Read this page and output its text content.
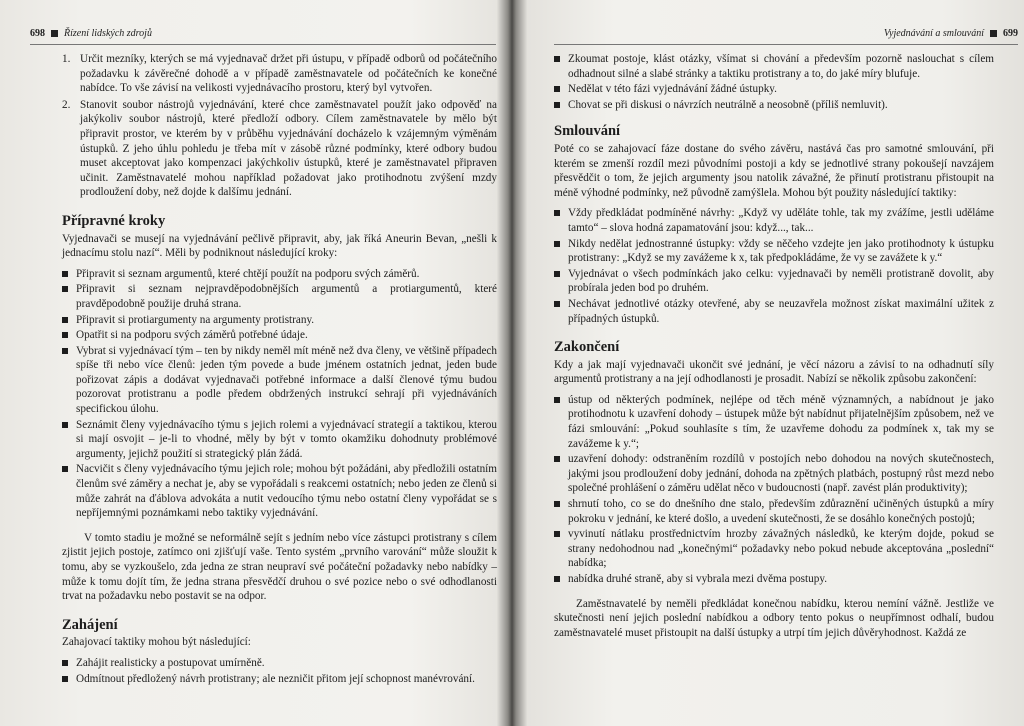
698 Řízení lidských zdrojů
1. Určit mezníky, kterých se má vyjednavač držet při ústupu, v případě odborů od počátečního požadavku k závěrečné dohodě a v případě zaměstnavatele od počátečních ke konečné nabídce. To vše závisí na velikosti vyjednávacího prostoru, který byl vytvořen.
2. Stanovit soubor nástrojů vyjednávání, které chce zaměstnavatel použít jako odpověď na jakýkoliv soubor nástrojů, které předloží odbory. Cílem zaměstnavatele by mělo být připravit prostor, ve kterém by v průběhu vyjednávání docházelo k vzájemným výměnám ústupků. Z jeho úhlu pohledu je třeba mít v zásobě různé podmínky, které odbory budou muset akceptovat jako kompenzaci jakýchkoliv ústupků, které je zaměstnavatel připraven učinit. Zaměstnavatelé mohou například požadovat jako protihodnotu zvýšení mzdy prodloužení doby, než dojde k dalšímu jednání.
Přípravné kroky

Vyjednavači se musejí na vyjednávání pečlivě připravit, aby, jak říká Aneurin Bevan, „nešli k jednacímu stolu nazí“. Měli by podniknout následující kroky:

Připravit si seznam argumentů, které chtějí použít na podporu svých záměrů.
Připravit si seznam nejpravděpodobnějších argumentů a protiargumentů, které pravděpodobně použije druhá strana.
Připravit si protiargumenty na argumenty protistrany.
Opatřit si na podporu svých záměrů potřebné údaje.
Vybrat si vyjednávací tým – ten by nikdy neměl mít méně než dva členy, ve většině případech spíše tři nebo více členů: jeden tým povede a bude jménem ostatních jednat, jeden bude pořizovat zápis a dodávat vyjednavači potřebné informace a další členové týmu budou pozorovat protistranu a podle předem obdržených instrukcí sehrají při vyjednáváních specifickou úlohu.
Seznámit členy vyjednávacího týmu s jejich rolemi a vyjednávací strategií a taktikou, kterou si mají osvojit – je-li to vhodné, měly by být v tomto okamžiku dohodnuty problémové argumenty, jejichž použití si strategický plán žádá.
Nacvičit s členy vyjednávacího týmu jejich role; mohou být požádáni, aby předložili ostatním členům své záměry a nechat je, aby se vypořádali s reakcemi ostatních; nebo jeden ze členů si může zahrát na ďáblova advokáta a nutit vedoucího týmu nebo ostatní členy vypořádat se s nepříjemnými poznámkami nebo taktiky vyjednávání.

V tomto stadiu je možné se neformálně sejít s jedním nebo více zástupci protistrany s cílem zjistit jejich postoje, zatímco oni zjišťují vaše. Tento systém „prvního varování“ může sloužit k tomu, aby se vyzkoušelo, zda jedna ze stran neupraví své počáteční požadavky nebo nabídky – může k tomu dojít tím, že jedna strana přesvědčí druhou o své pozice nebo o své odhodlanosti trvat na požadavku nebo postavit se na odpor.

Zahájení

Zahajovací taktiky mohou být následující:

Zahájit realisticky a postupovat umírněně.
Odmítnout předložený návrh protistrany; ale nezničit přitom její schopnost manévrování.
Vyjednávání a smlouvání 699
Zkoumat postoje, klást otázky, všímat si chování a především pozorně naslouchat s cílem odhadnout silné a slabé stránky a taktiku protistrany a to, do jaké míry blufuje.
Nedělat v této fázi vyjednávání žádné ústupky.
Chovat se při diskusi o návrzích neutrálně a neosobně (příliš nemluvit).
Smlouvání

Poté co se zahajovací fáze dostane do svého závěru, nastává čas pro samotné smlouvání, při kterém se zmenší rozdíl mezi původními postoji a kdy se jednotlivé strany pokoušejí navzájem přesvědčit o tom, že jejich argumenty jsou natolik závažné, že přinutí protistranu přistoupit na méně výhodné podmínky, než původně zamýšlela. Mohou být použity následující taktiky:

Vždy předkládat podmíněné návrhy: „Když vy uděláte tohle, tak my zvážíme, jestli uděláme tamto“ – slova hodná zapamatování jsou: když..., tak...
Nikdy nedělat jednostranné ústupky: vždy se něčeho vzdejte jen jako protihodnoty k ústupku protistrany: „Když se my zavážeme k x, tak předpokládáme, že vy se zavážete k y.“
Vyjednávat o všech podmínkách jako celku: vyjednavači by neměli protistraně dovolit, aby probírala jeden bod po druhém.
Nechávat jednotlivé otázky otevřené, aby se neuzavřela možnost získat maximální užitek z případných ústupků.
Zakončení

Kdy a jak mají vyjednavači ukončit své jednání, je věcí názoru a závisí to na odhadnutí síly argumentů protistrany a na její odhodlanosti je prosadit. Nabízí se několik způsobu zakončení:

ústup od některých podmínek, nejlépe od těch méně významných, a nabídnout je jako protihodnotu k uzavření dohody – ústupek může být nabídnut přijatelnějším způsobem, než ve fázi smlouvání: „Pokud souhlasíte s tím, že uzavřeme dohodu za podmínek x, tak my se zavážeme k y.“;
uzavření dohody: odstraněním rozdílů v postojích nebo dohodou na nových skutečnostech, jakými jsou prodloužení doby jednání, dohoda na zpětných platbách, postupný růst mezd nebo společné prohlášení o záměru udělat něco v budoucnosti (např. zavést plán produktivity);
shrnutí toho, co se do dnešního dne stalo, především zdůraznění učiněných ústupků a míry pokroku v jednání, ke které došlo, a uvedení skutečnosti, že se dosáhlo konečných postojů;
vyvinutí nátlaku prostřednictvím hrozby závažných následků, ke kterým dojde, pokud se strany nedohodnou nad „konečnými“ požadavky nebo pokud nebude akceptována „poslední“ nabídka;
nabídka druhé straně, aby si vybrala mezi dvěma postupy.

Zaměstnavatelé by neměli předkládat konečnou nabídku, kterou nemíní vážně. Jestliže ve skutečnosti není jejich poslední nabídkou a odbory tento pokus o neupřímnost odhalí, budou zaměstnavatelé muset přistoupit na další ústupky a utrpí tím jejich důvěryhodnost. Každá ze
